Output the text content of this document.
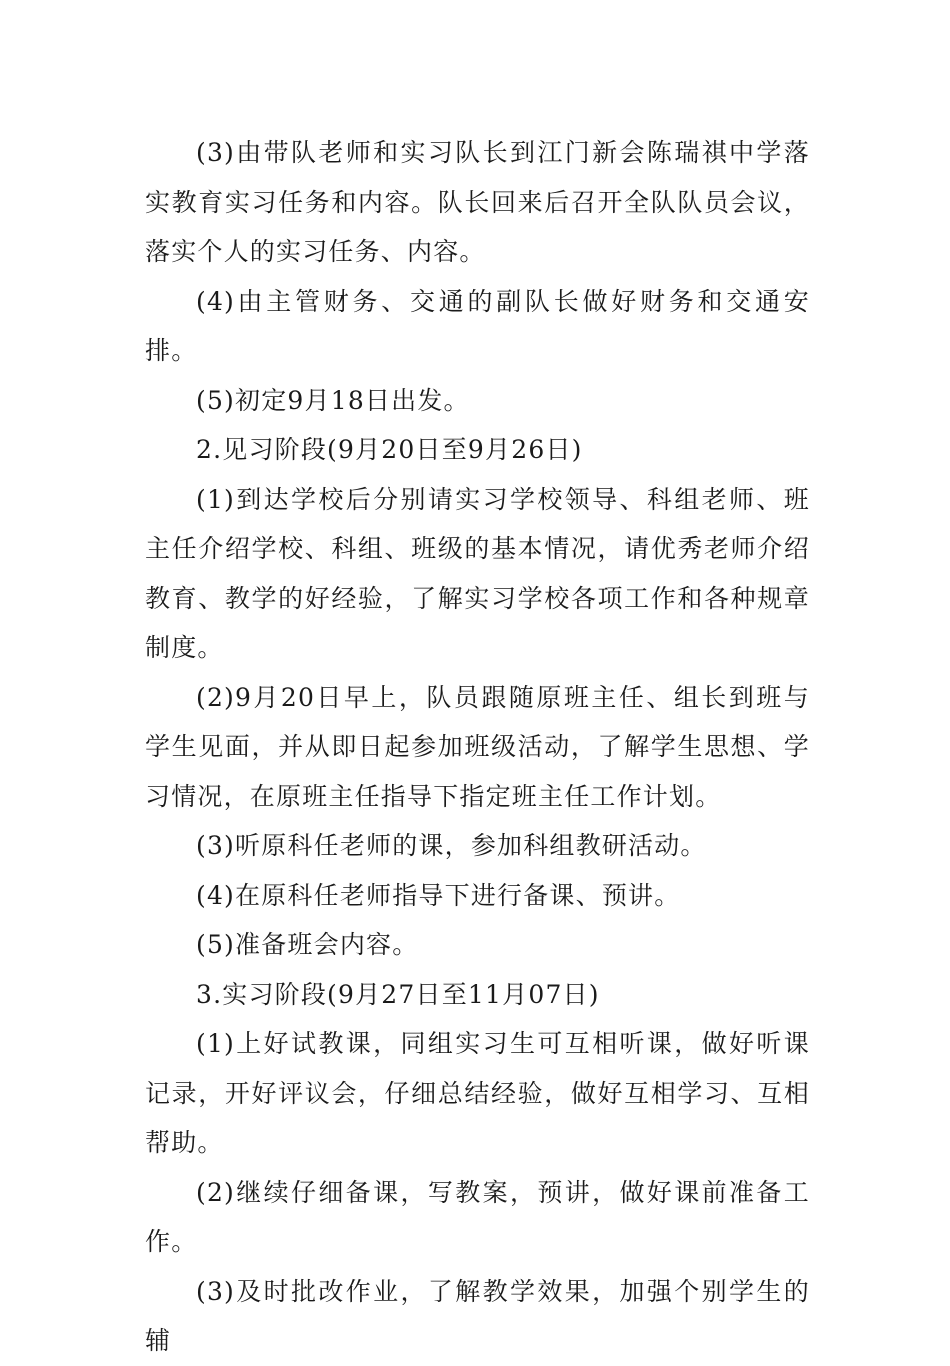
(3)由带队老师和实习队长到江门新会陈瑞祺中学落实教育实习任务和内容。队长回来后召开全队队员会议，落实个人的实习任务、内容。

(4)由主管财务、交通的副队长做好财务和交通安排。

(5)初定9月18日出发。

2.见习阶段(9月20日至9月26日)

(1)到达学校后分别请实习学校领导、科组老师、班主任介绍学校、科组、班级的基本情况，请优秀老师介绍教育、教学的好经验，了解实习学校各项工作和各种规章制度。

(2)9月20日早上，队员跟随原班主任、组长到班与学生见面，并从即日起参加班级活动，了解学生思想、学习情况，在原班主任指导下指定班主任工作计划。

(3)听原科任老师的课，参加科组教研活动。

(4)在原科任老师指导下进行备课、预讲。

(5)准备班会内容。

3.实习阶段(9月27日至11月07日)

(1)上好试教课，同组实习生可互相听课，做好听课记录，开好评议会，仔细总结经验，做好互相学习、互相帮助。

(2)继续仔细备课，写教案，预讲，做好课前准备工作。

(3)及时批改作业，了解教学效果，加强个别学生的辅
